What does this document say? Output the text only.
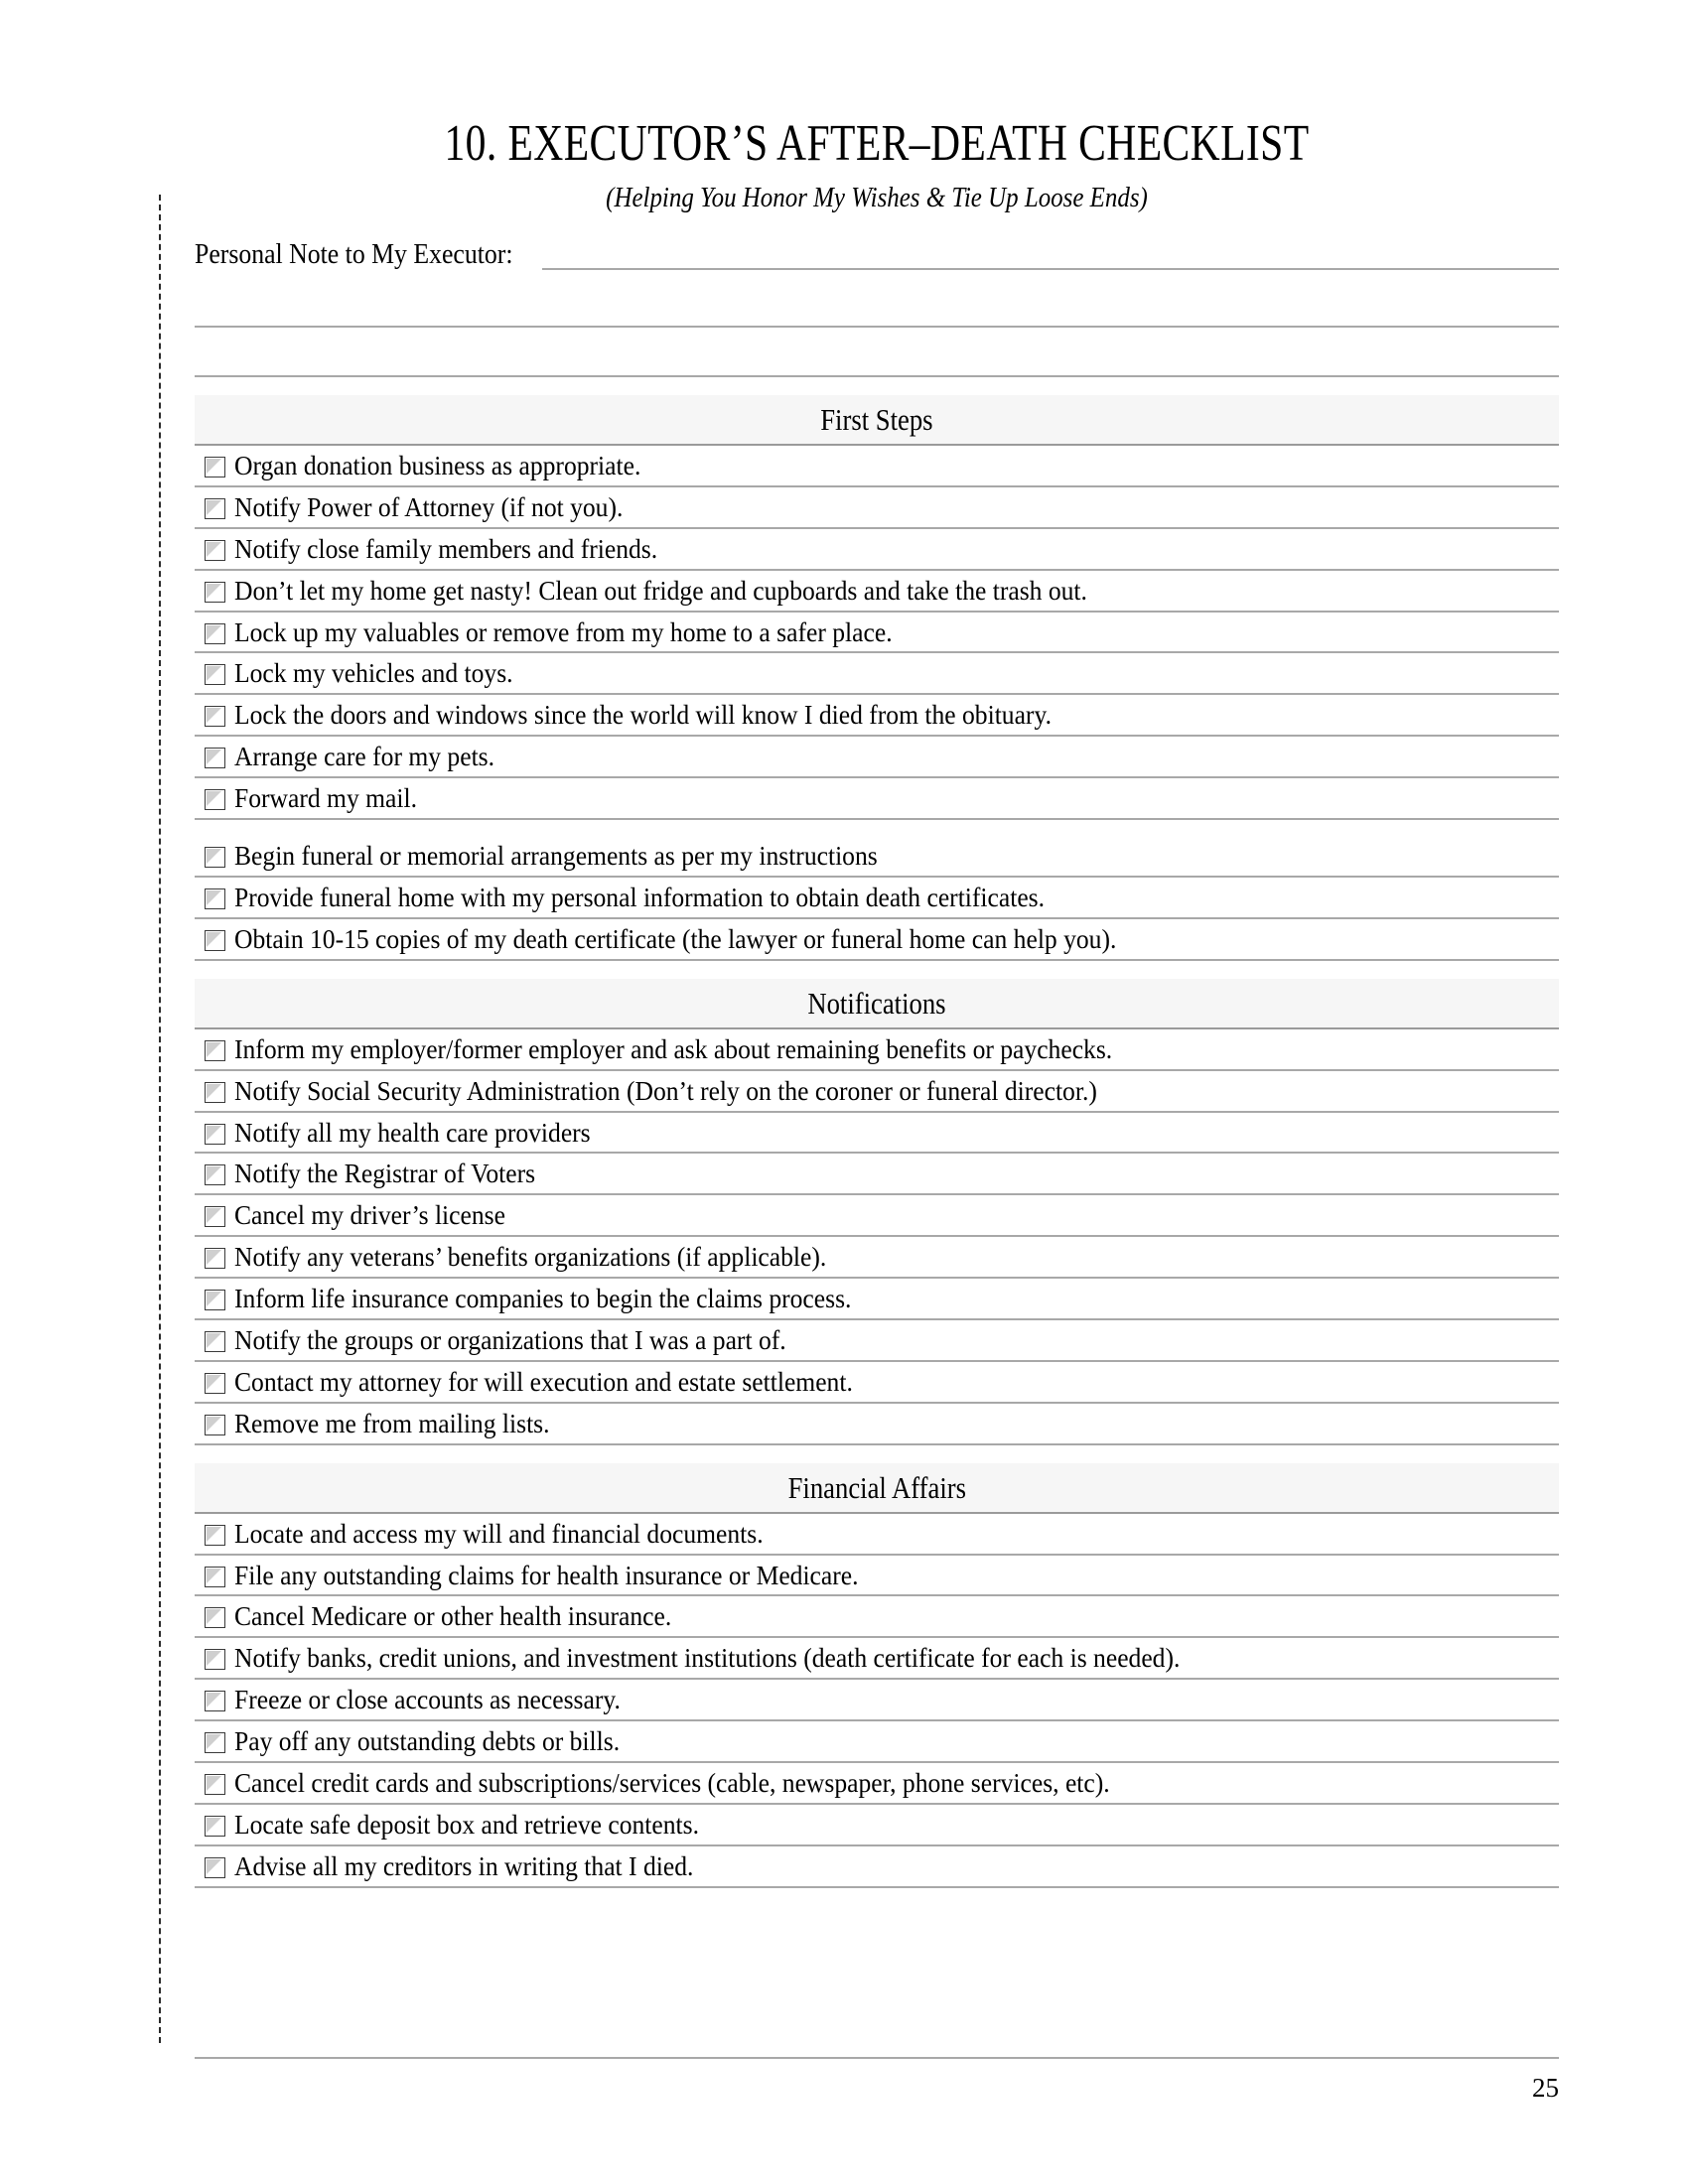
10. EXECUTOR’S AFTER–DEATH CHECKLIST
(Helping You Honor My Wishes & Tie Up Loose Ends)
Personal Note to My Executor:
First Steps
Organ donation business as appropriate.
Notify Power of Attorney (if not you).
Notify close family members and friends.
Don’t let my home get nasty! Clean out fridge and cupboards and take the trash out.
Lock up my valuables or remove from my home to a safer place.
Lock my vehicles and toys.
Lock the doors and windows since the world will know I died from the obituary.
Arrange care for my pets.
Forward my mail.
Begin funeral or memorial arrangements as per my instructions
Provide funeral home with my personal information to obtain death certificates.
Obtain 10-15 copies of my death certificate (the lawyer or funeral home can help you).
Notifications
Inform my employer/former employer and ask about remaining benefits or paychecks.
Notify Social Security Administration (Don’t rely on the coroner or funeral director.)
Notify all my health care providers
Notify the Registrar of Voters
Cancel my driver’s license
Notify any veterans’ benefits organizations (if applicable).
Inform life insurance companies to begin the claims process.
Notify the groups or organizations that I was a part of.
Contact my attorney for will execution and estate settlement.
Remove me from mailing lists.
Financial Affairs
Locate and access my will and financial documents.
File any outstanding claims for health insurance or Medicare.
Cancel Medicare or other health insurance.
Notify banks, credit unions, and investment institutions (death certificate for each is needed).
Freeze or close accounts as necessary.
Pay off any outstanding debts or bills.
Cancel credit cards and subscriptions/services (cable, newspaper, phone services, etc).
Locate safe deposit box and retrieve contents.
Advise all my creditors in writing that I died.
25
